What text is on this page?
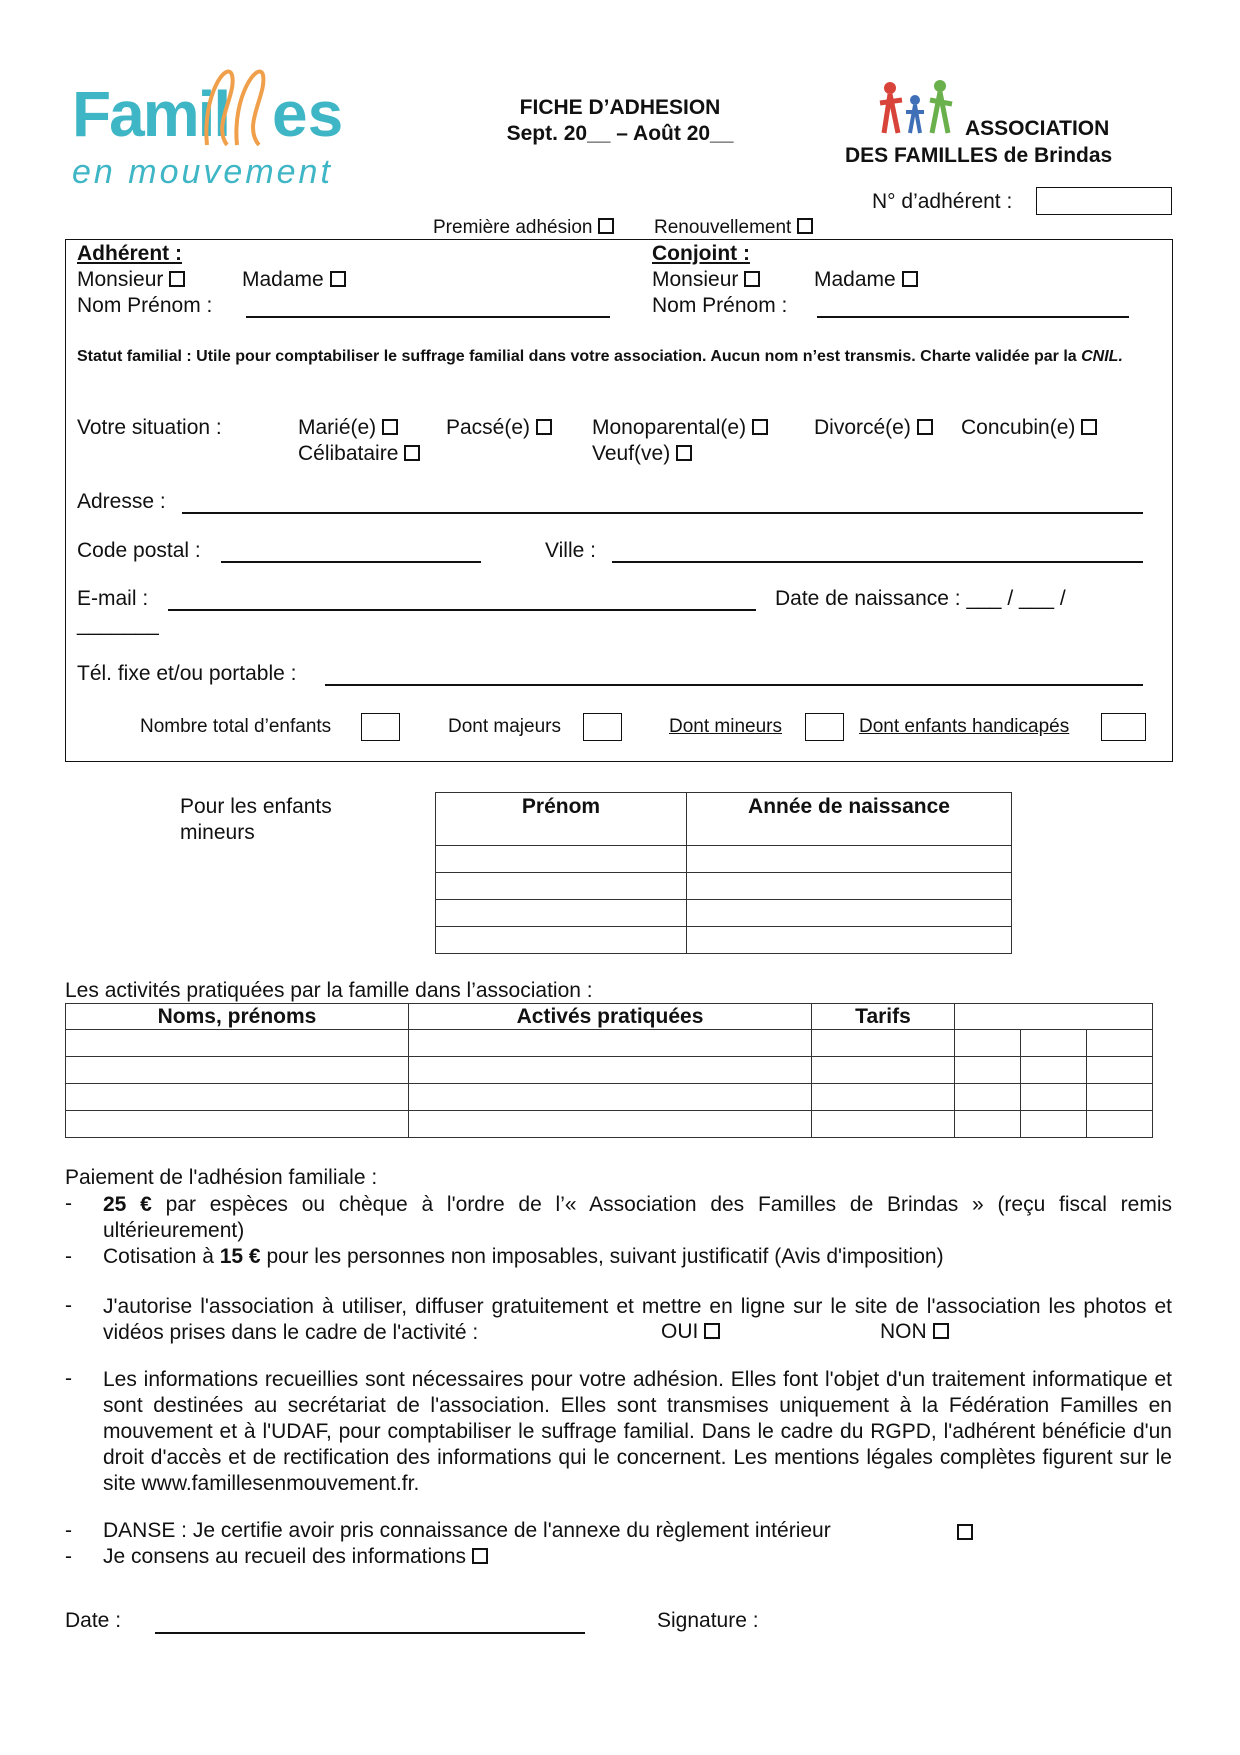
Famil es
en mouvement
FICHE D’ADHESION
Sept. 20__ – Août 20__	ASSOCIATION
DES FAMILLES de Brindas
N° d’adhérent :
Première adhésion	Renouvellement
Adhérent :
Monsieur	Madame
Nom Prénom :
Conjoint :
Monsieur	Madame
Nom Prénom :
Statut familial : Utile pour comptabiliser le suffrage familial dans votre association. Aucun nom n’est transmis. Charte validée par la CNIL.
Votre situation :	Marié(e)	Pacsé(e)	Monoparental(e)	Divorcé(e)	Concubin(e)
Célibataire	Veuf(ve)
Adresse :
Code postal :	Ville :
E-mail :	Date de naissance : ___ / ___ /
_______
Tél. fixe et/ou portable :
Nombre total d’enfants	Dont majeurs	Dont mineurs	Dont enfants handicapés
Pour les enfants
mineurs
Prénom	Année de naissance

Les activités pratiquées par la famille dans l’association :
Noms, prénoms	Activés pratiquées	Tarifs			

Paiement de l'adhésion familiale :
- 25 € par espèces ou chèque à l'ordre de l’« Association des Familles de Brindas » (reçu fiscal remis ultérieurement)
- Cotisation à 15 € pour les personnes non imposables, suivant justificatif (Avis d'imposition)
- J'autorise l'association à utiliser, diffuser gratuitement et mettre en ligne sur le site de l'association les photos et vidéos prises dans le cadre de l'activité :	OUI	NON
- Les informations recueillies sont nécessaires pour votre adhésion. Elles font l'objet d'un traitement informatique et sont destinées au secrétariat de l'association. Elles sont transmises uniquement à la Fédération Familles en mouvement et à l'UDAF, pour comptabiliser le suffrage familial. Dans le cadre du RGPD, l'adhérent bénéficie d'un droit d'accès et de rectification des informations qui le concernent. Les mentions légales complètes figurent sur le site www.famillesenmouvement.fr.
- DANSE : Je certifie avoir pris connaissance de l'annexe du règlement intérieur
- Je consens au recueil des informations
Date :	Signature :
